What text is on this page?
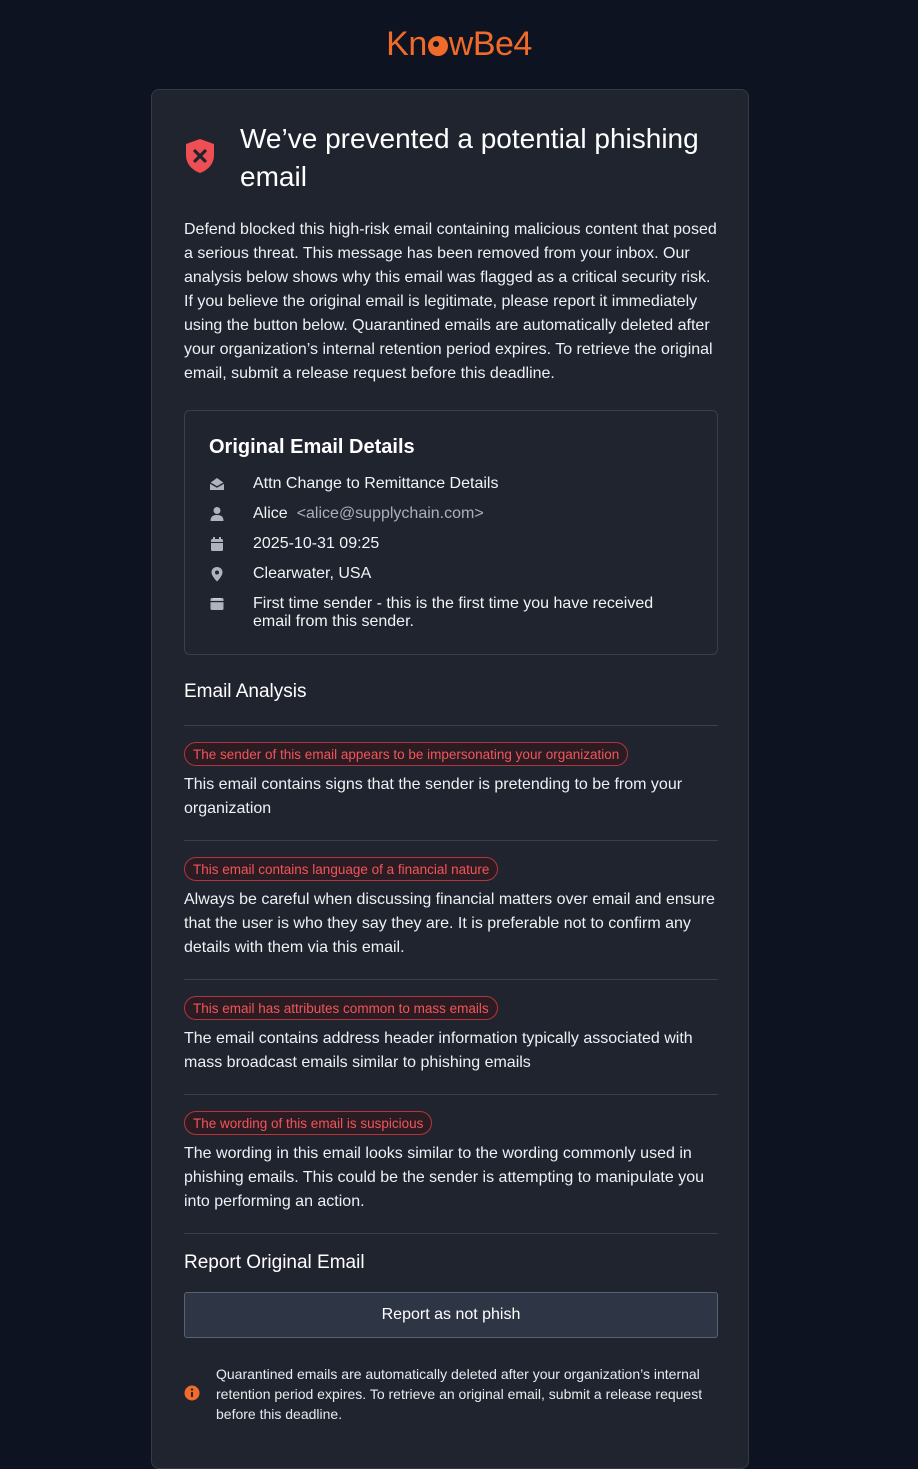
Kn wBe4
We’ve prevented a potential phishing email

Defend blocked this high-risk email containing malicious content that posed a serious threat. This message has been removed from your inbox. Our analysis below shows why this email was flagged as a critical security risk. If you believe the original email is legitimate, please report it immediately using the button below. Quarantined emails are automatically deleted after your organization’s internal retention period expires. To retrieve the original email, submit a release request before this deadline.

Original Email Details
Attn Change to Remittance Details
Alice <alice@supplychain.com>
2025-10-31 09:25
Clearwater, USA
First time sender - this is the first time you have received email from this sender.
Email Analysis
The sender of this email appears to be impersonating your organization

This email contains signs that the sender is pretending to be from your organization

This email contains language of a financial nature

Always be careful when discussing financial matters over email and ensure that the user is who they say they are. It is preferable not to confirm any details with them via this email.

This email has attributes common to mass emails

The email contains address header information typically associated with mass broadcast emails similar to phishing emails

The wording of this email is suspicious

The wording in this email looks similar to the wording commonly used in phishing emails. This could be the sender is attempting to manipulate you into performing an action.

Report Original Email
Report as not phish

Quarantined emails are automatically deleted after your organization’s internal retention period expires. To retrieve an original email, submit a release request before this deadline.
